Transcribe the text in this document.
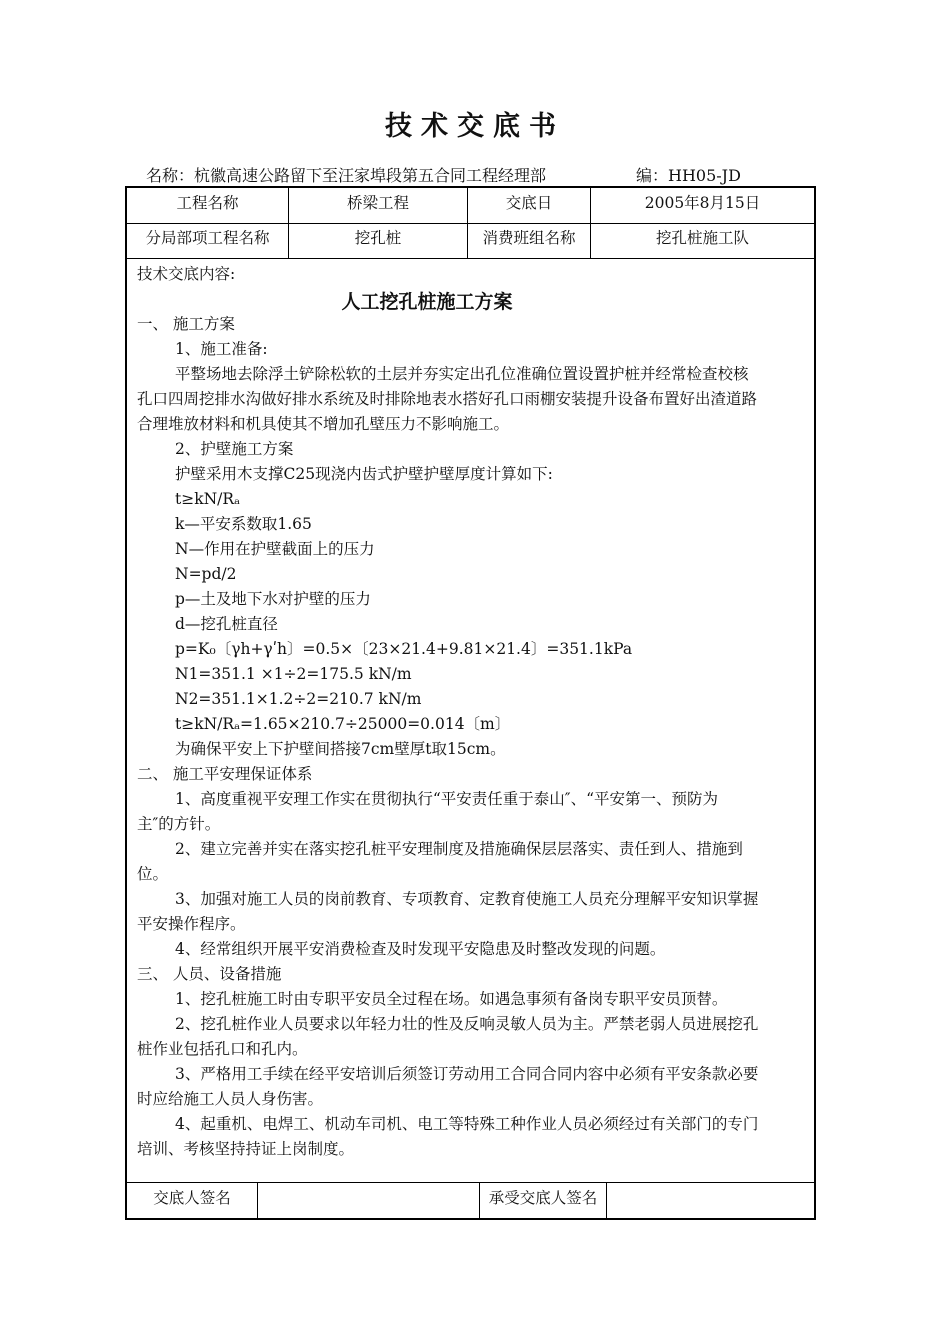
技术交底书
名称：杭徽高速公路留下至汪家埠段第五合同工程经理部	编：HH05-JD
工程名称	桥梁工程	交底日	2005年8月15日
分局部项工程名称	挖孔桩	消费班组名称	挖孔桩施工队
技术交底内容:
人工挖孔桩施工方案
一、 施工方案
1、施工准备:
平整场地去除浮土铲除松软的土层并夯实定出孔位准确位置设置护桩并经常检查校核
孔口四周挖排水沟做好排水系统及时排除地表水搭好孔口雨棚安装提升设备布置好出渣道路
合理堆放材料和机具使其不增加孔壁压力不影响施工。
2、护壁施工方案
护壁采用木支撑C25现浇内齿式护壁护壁厚度计算如下:
t≥kN/Rₐ
k—平安系数取1.65
N—作用在护壁截面上的压力
N=pd/2
p—土及地下水对护壁的压力
d—挖孔桩直径
p=K₀〔γh+γʹh〕=0.5×〔23×21.4+9.81×21.4〕=351.1kPa
N1=351.1 ×1÷2=175.5 kN/m
N2=351.1×1.2÷2=210.7 kN/m
t≥kN/Rₐ=1.65×210.7÷25000=0.014〔m〕
为确保平安上下护壁间搭接7cm壁厚t取15cm。
二、 施工平安理保证体系
1、高度重视平安理工作实在贯彻执行“平安责任重于泰山″、“平安第一、预防为
主″的方针。
2、建立完善并实在落实挖孔桩平安理制度及措施确保层层落实、责任到人、措施到
位。
3、加强对施工人员的岗前教育、专项教育、定教育使施工人员充分理解平安知识掌握
平安操作程序。
4、经常组织开展平安消费检查及时发现平安隐患及时整改发现的问题。
三、 人员、设备措施
1、挖孔桩施工时由专职平安员全过程在场。如遇急事须有备岗专职平安员顶替。
2、挖孔桩作业人员要求以年轻力壮的性及反响灵敏人员为主。严禁老弱人员进展挖孔
桩作业包括孔口和孔内。
3、严格用工手续在经平安培训后须签订劳动用工合同合同内容中必须有平安条款必要
时应给施工人员人身伤害。
4、起重机、电焊工、机动车司机、电工等特殊工种作业人员必须经过有关部门的专门
培训、考核坚持持证上岗制度。
交底人签名	承受交底人签名
